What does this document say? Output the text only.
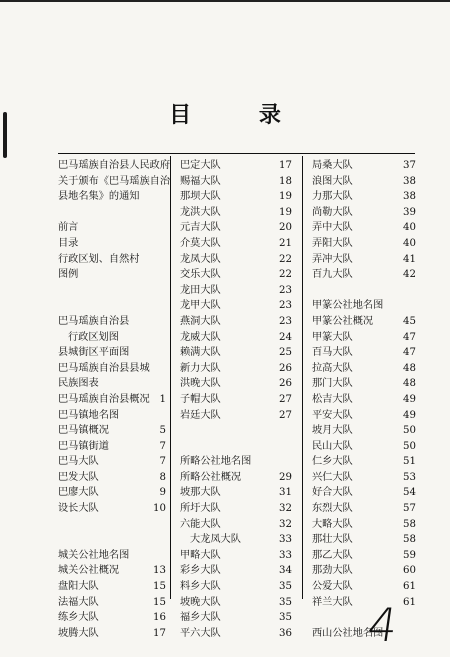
目 录
巴马瑶族自治县人民政府
关于颁布《巴马瑶族自治
县地名集》的通知
前言
目录
行政区划、自然村
图例
巴马瑶族自治县
行政区划图
县城街区平面图
巴马瑶族自治县县城
民族图表
巴马瑶族自治县概况 1
巴马镇地名图
巴马镇概况	5
巴马镇街道	7
巴马大队	7
巴发大队	8
巴廖大队	9
设长大队	10
城关公社地名图
城关公社概况	13
盘阳大队	15
法福大队	15
练乡大队	16
坡腾大队	17
巴定大队	17
赐福大队	18
那坝大队	19
龙洪大队	19
元吉大队	20
介莫大队	21
龙凤大队	22
交乐大队	22
龙田大队	23
龙甲大队	23
燕洞大队	23
龙威大队	24
赖满大队	25
新力大队	26
洪晚大队	26
子帽大队	27
岩廷大队	27
所略公社地名图
所略公社概况	29
坡那大队	31
所圩大队	32
六能大队	32
大龙凤大队	33
甲略大队	33
彩乡大队	34
料乡大队	35
坡晚大队	35
福乡大队	35
平六大队	36
局桑大队	37
浪图大队	38
力那大队	38
尚勒大队	39
弄中大队	40
弄阳大队	40
弄冲大队	41
百九大队	42
甲篆公社地名图
甲篆公社概况	45
甲篆大队	47
百马大队	47
拉高大队	48
那门大队	48
松吉大队	49
平安大队	49
坡月大队	50
民山大队	50
仁乡大队	51
兴仁大队	53
好合大队	54
东烈大队	57
大略大队	58
那壮大队	58
那乙大队	59
那劲大队	60
公爱大队	61
祥兰大队	61
西山公社地名图
4
